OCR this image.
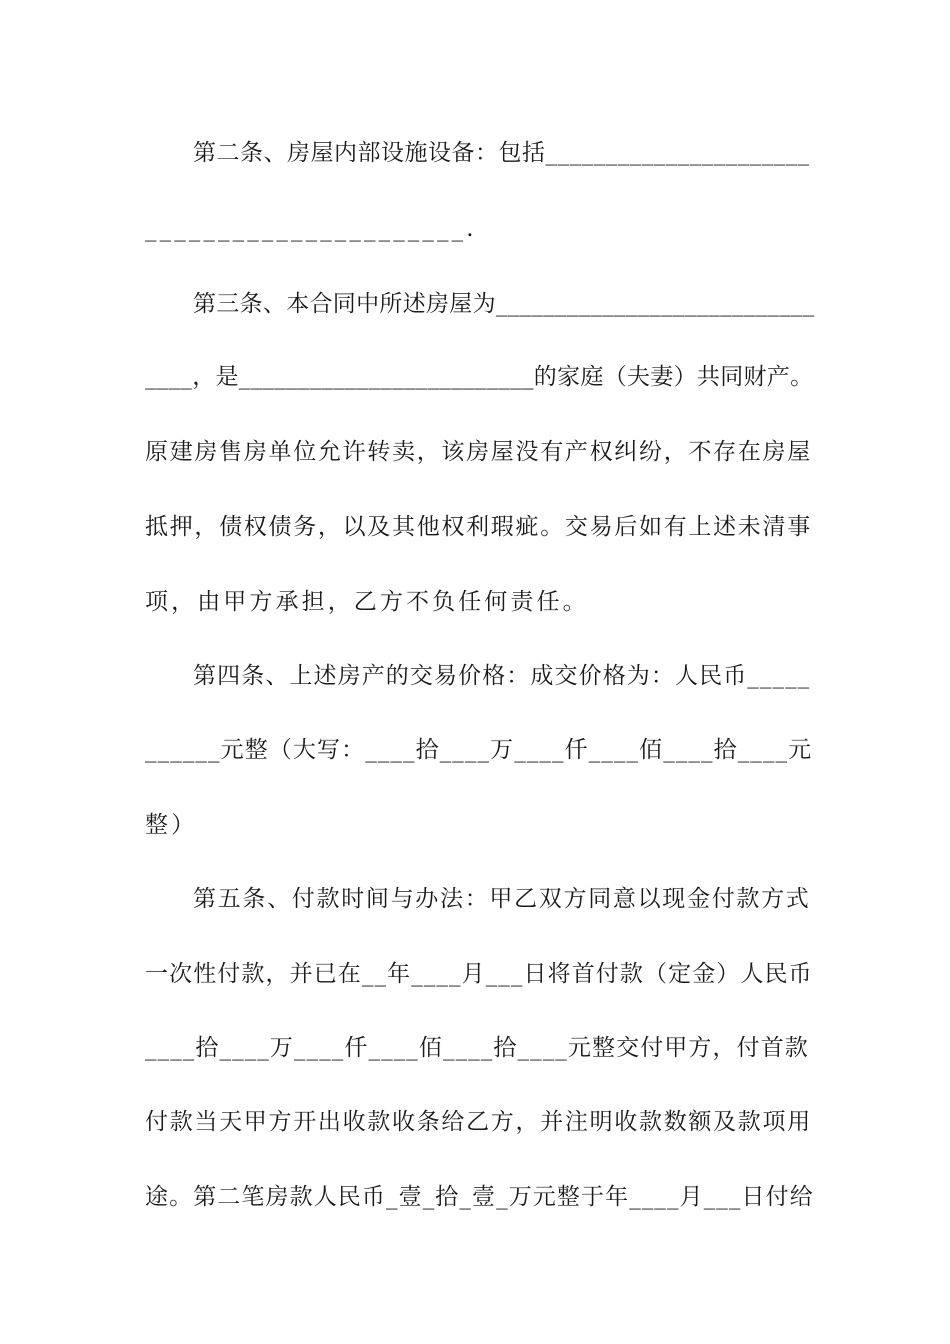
第二条、房屋内部设施设备：包括______________________
______________________.
第三条、本合同中所述房屋为___________________________
____，是_________________________的家庭（夫妻）共同财产。
原建房售房单位允许转卖，该房屋没有产权纠纷，不存在房屋
抵押，债权债务，以及其他权利瑕疵。交易后如有上述未清事
项，由甲方承担，乙方不负任何责任。
第四条、上述房产的交易价格：成交价格为：人民币_____
______元整（大写：____拾____万____仟____佰____拾____元
整）
第五条、付款时间与办法：甲乙双方同意以现金付款方式
一次性付款，并已在__年____月___日将首付款（定金）人民币
____拾____万____仟____佰____拾____元整交付甲方，付首款
付款当天甲方开出收款收条给乙方，并注明收款数额及款项用
途。第二笔房款人民币_壹_拾_壹_万元整于年____月___日付给
